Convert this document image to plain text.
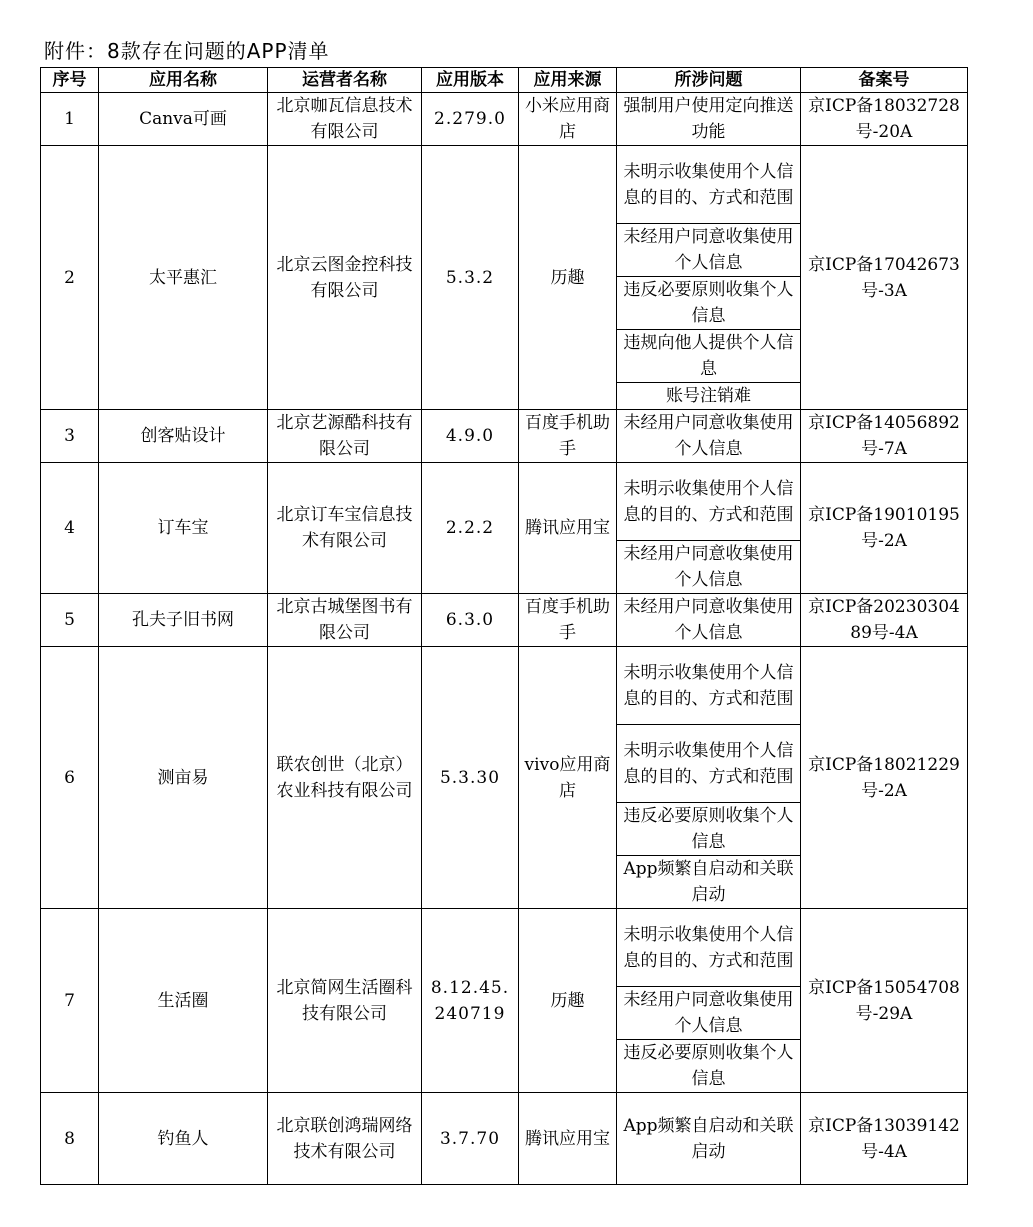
附件：8款存在问题的APP清单
序号	应用名称	运营者名称	应用版本	应用来源	所涉问题	备案号
1	Canva可画	北京咖瓦信息技术有限公司	2.279.0	小米应用商店	强制用户使用定向推送功能	京ICP备18032728号-20A
2	太平惠汇	北京云图金控科技有限公司	5.3.2	历趣	未明示收集使用个人信息的目的、方式和范围	京ICP备17042673号-3A
					未经用户同意收集使用个人信息	
					违反必要原则收集个人信息	
					违规向他人提供个人信息	
					账号注销难	
3	创客贴设计	北京艺源酷科技有限公司	4.9.0	百度手机助手	未经用户同意收集使用个人信息	京ICP备14056892号-7A
4	订车宝	北京订车宝信息技术有限公司	2.2.2	腾讯应用宝	未明示收集使用个人信息的目的、方式和范围	京ICP备19010195号-2A
					未经用户同意收集使用个人信息	
5	孔夫子旧书网	北京古城堡图书有限公司	6.3.0	百度手机助手	未经用户同意收集使用个人信息	京ICP备2023030489号-4A
6	测亩易	联农创世（北京）农业科技有限公司	5.3.30	vivo应用商店	未明示收集使用个人信息的目的、方式和范围	京ICP备18021229号-2A
					未明示收集使用个人信息的目的、方式和范围	
					违反必要原则收集个人信息	
					App频繁自启动和关联启动	
7	生活圈	北京简网生活圈科技有限公司	8.12.45.240719	历趣	未明示收集使用个人信息的目的、方式和范围	京ICP备15054708号-29A
					未经用户同意收集使用个人信息	
					违反必要原则收集个人信息	
8	钓鱼人	北京联创鸿瑞网络技术有限公司	3.7.70	腾讯应用宝	App频繁自启动和关联启动	京ICP备13039142号-4A
